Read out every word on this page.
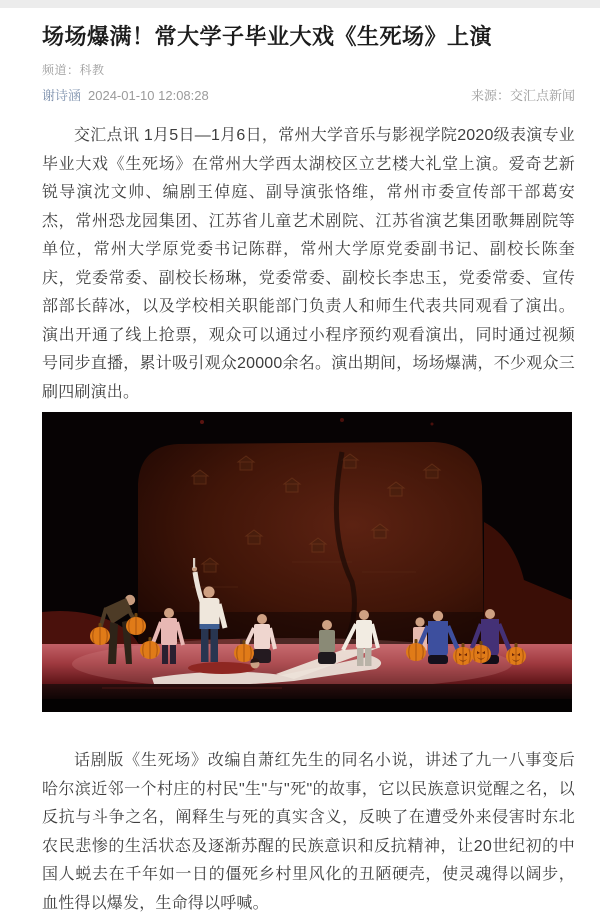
场场爆满！常大学子毕业大戏《生死场》上演
频道：科教
谢诗涵 2024-01-10 12:08:28	来源：交汇点新闻

交汇点讯 1月5日—1月6日，常州大学音乐与影视学院2020级表演专业毕业大戏《生死场》在常州大学西太湖校区立艺楼大礼堂上演。爱奇艺新锐导演沈文帅、编剧王倬庭、副导演张恪维，常州市委宣传部干部葛安杰，常州恐龙园集团、江苏省儿童艺术剧院、江苏省演艺集团歌舞剧院等单位，常州大学原党委书记陈群，常州大学原党委副书记、副校长陈奎庆，党委常委、副校长杨琳，党委常委、副校长李忠玉，党委常委、宣传部部长薛冰，以及学校相关职能部门负责人和师生代表共同观看了演出。演出开通了线上抢票，观众可以通过小程序预约观看演出，同时通过视频号同步直播，累计吸引观众20000余名。演出期间，场场爆满，不少观众三刷四刷演出。

话剧版《生死场》改编自萧红先生的同名小说，讲述了九一八事变后哈尔滨近邻一个村庄的村民"生"与"死"的故事，它以民族意识觉醒之名，以反抗与斗争之名，阐释生与死的真实含义，反映了在遭受外来侵害时东北农民悲惨的生活状态及逐渐苏醒的民族意识和反抗精神，让20世纪初的中国人蜕去在千年如一日的僵死乡村里风化的丑陋硬壳，使灵魂得以阔步，血性得以爆发，生命得以呼喊。
